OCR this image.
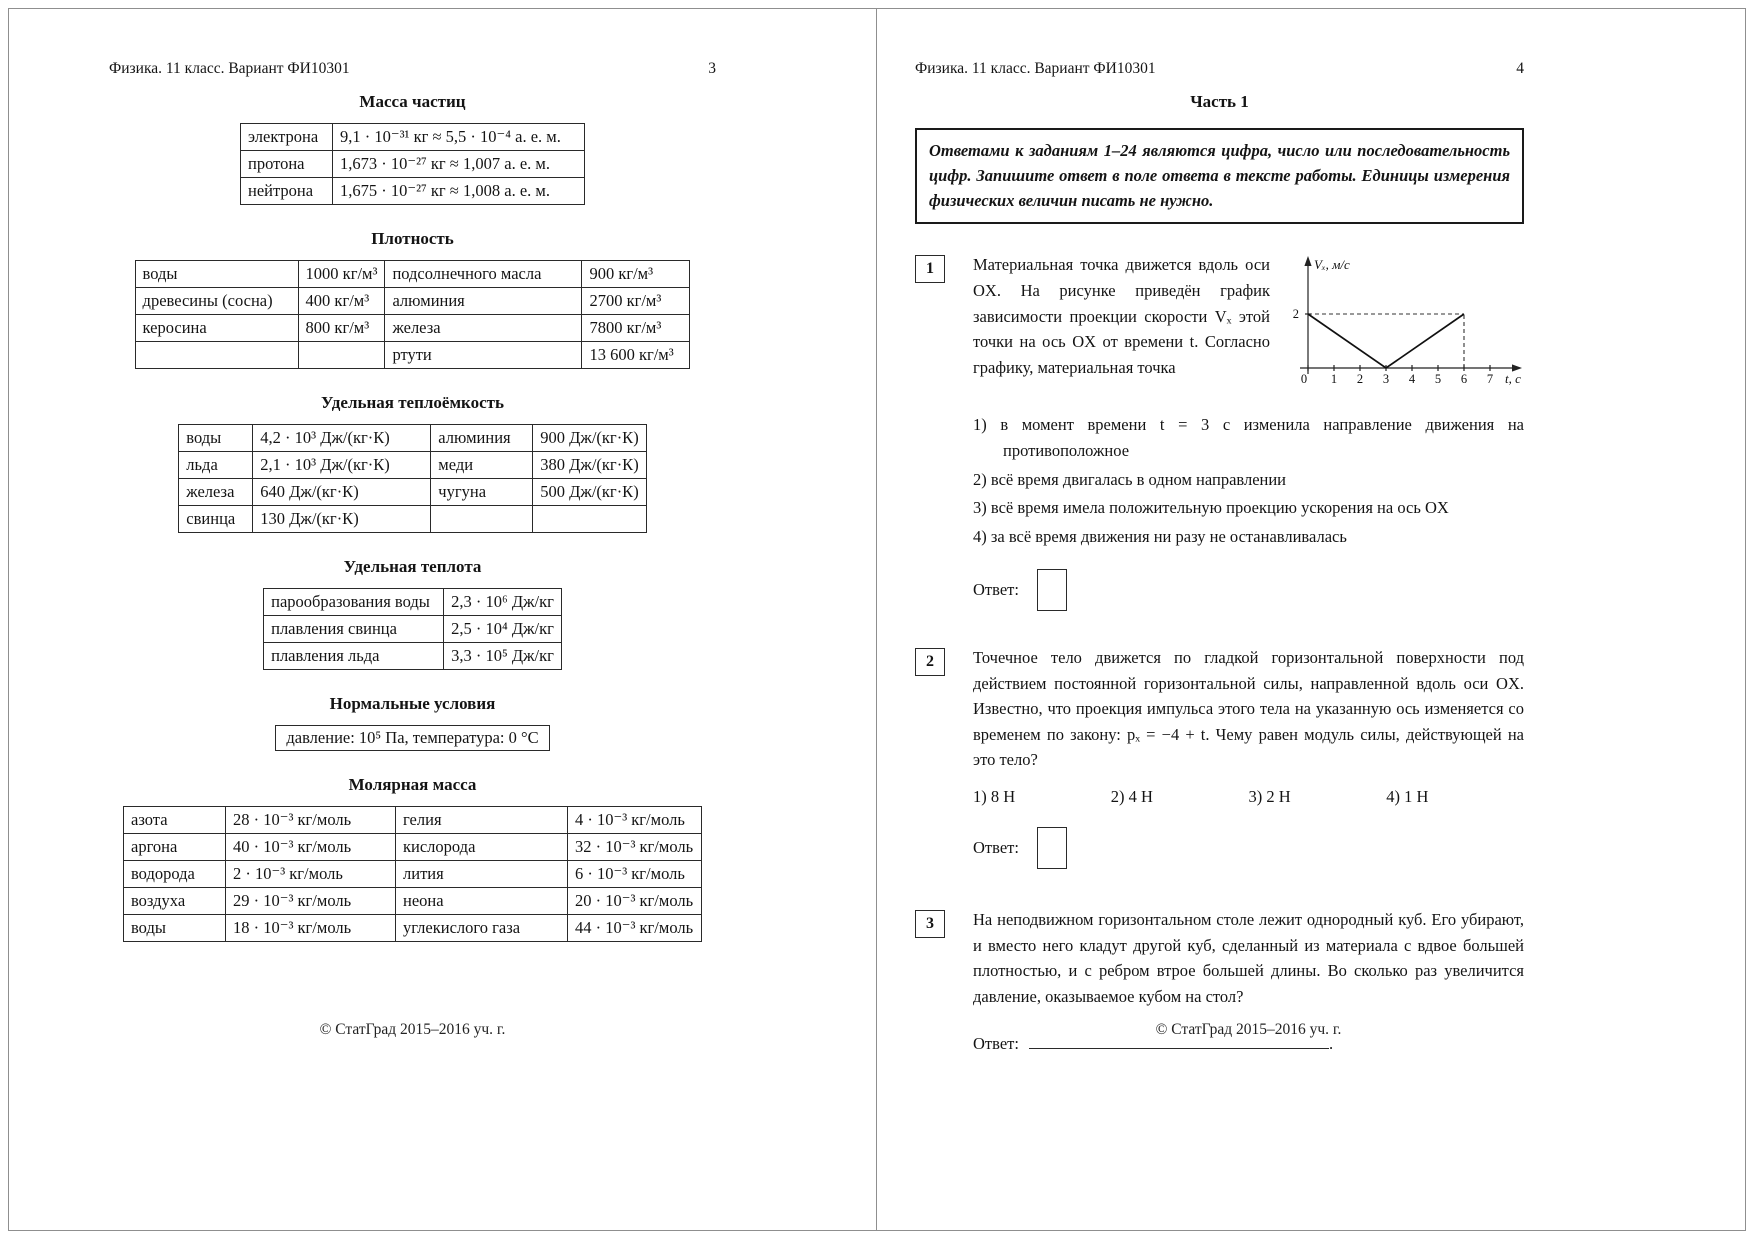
Физика. 11 класс. Вариант ФИ10301	3
Масса частиц
электрона	9,1 · 10⁻³¹ кг ≈ 5,5 · 10⁻⁴ а. е. м.
протона	1,673 · 10⁻²⁷ кг ≈ 1,007 а. е. м.
нейтрона	1,675 · 10⁻²⁷ кг ≈ 1,008 а. е. м.
Плотность
воды	1000 кг/м³	подсолнечного масла	900 кг/м³
древесины (сосна)	400 кг/м³	алюминия	2700 кг/м³
керосина	800 кг/м³	железа	7800 кг/м³
		ртути	13 600 кг/м³
Удельная теплоёмкость
воды	4,2 · 10³ Дж/(кг·К)	алюминия	900 Дж/(кг·К)
льда	2,1 · 10³ Дж/(кг·К)	меди	380 Дж/(кг·К)
железа	640 Дж/(кг·К)	чугуна	500 Дж/(кг·К)
свинца	130 Дж/(кг·К)		
Удельная теплота
парообразования воды	2,3 · 10⁶ Дж/кг
плавления свинца	2,5 · 10⁴ Дж/кг
плавления льда	3,3 · 10⁵ Дж/кг
Нормальные условия
давление: 10⁵ Па, температура: 0 °C
Молярная масса
азота	28 · 10⁻³ кг/моль	гелия	4 · 10⁻³ кг/моль
аргона	40 · 10⁻³ кг/моль	кислорода	32 · 10⁻³ кг/моль
водорода	2 · 10⁻³ кг/моль	лития	6 · 10⁻³ кг/моль
воздуха	29 · 10⁻³ кг/моль	неона	20 · 10⁻³ кг/моль
воды	18 · 10⁻³ кг/моль	углекислого газа	44 · 10⁻³ кг/моль
© СтатГрад 2015–2016 уч. г.
Физика. 11 класс. Вариант ФИ10301	4
Часть 1
Ответами к заданиям 1–24 являются цифра, число или последовательность цифр. Запишите ответ в поле ответа в тексте работы. Единицы измерения физических величин писать не нужно.
1	Vₓ, м/с
t, c
2
0 1 2 3 4 5 6 7

Материальная точка движется вдоль оси OX. На рисунке приведён график зависимости проекции скорости Vₓ этой точки на ось OX от времени t. Согласно графику, материальная точка

1) в момент времени t = 3 с изменила направление движения на противоположное
2) всё время двигалась в одном направлении
3) всё время имела положительную проекцию ускорения на ось OX
4) за всё время движения ни разу не останавливалась
Ответ:
2	Точечное тело движется по гладкой горизонтальной поверхности под действием постоянной горизонтальной силы, направленной вдоль оси OX. Известно, что проекция импульса этого тела на указанную ось изменяется со временем по закону: pₓ = −4 + t. Чему равен модуль силы, действующей на это тело?

1) 8 Н	2) 4 Н	3) 2 Н	4) 1 Н
Ответ:
3	На неподвижном горизонтальном столе лежит однородный куб. Его убирают, и вместо него кладут другой куб, сделанный из материала с вдвое большей плотностью, и с ребром втрое большей длины. Во сколько раз увеличится давление, оказываемое кубом на стол?

Ответ:	.
© СтатГрад 2015–2016 уч. г.
